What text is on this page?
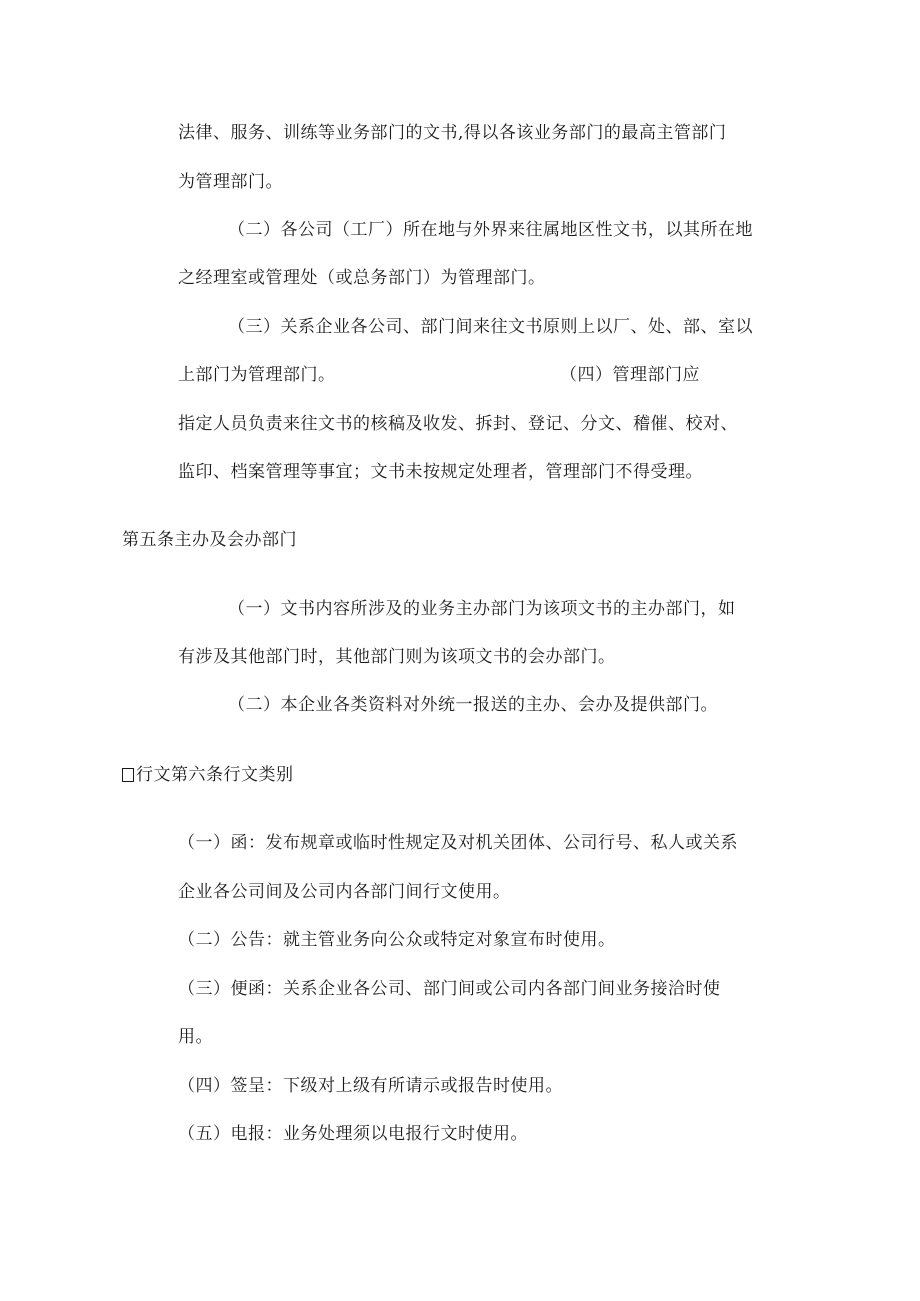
法律、服务、训练等业务部门的文书,得以各该业务部门的最高主管部门
为管理部门。
（二）各公司（工厂）所在地与外界来往属地区性文书，以其所在地
之经理室或管理处（或总务部门）为管理部门。
（三）关系企业各公司、部门间来往文书原则上以厂、处、部、室以
上部门为管理部门。	（四）管理部门应
指定人员负责来往文书的核稿及收发、拆封、登记、分文、稽催、校对、
监印、档案管理等事宜；文书未按规定处理者，管理部门不得受理。
第五条主办及会办部门
（一）文书内容所涉及的业务主办部门为该项文书的主办部门，如
有涉及其他部门时，其他部门则为该项文书的会办部门。
（二）本企业各类资料对外统一报送的主办、会办及提供部门。
行文第六条行文类别
（一）函：发布规章或临时性规定及对机关团体、公司行号、私人或关系
企业各公司间及公司内各部门间行文使用。
（二）公告：就主管业务向公众或特定对象宣布时使用。
（三）便函：关系企业各公司、部门间或公司内各部门间业务接洽时使
用。
（四）签呈：下级对上级有所请示或报告时使用。
（五）电报：业务处理须以电报行文时使用。
